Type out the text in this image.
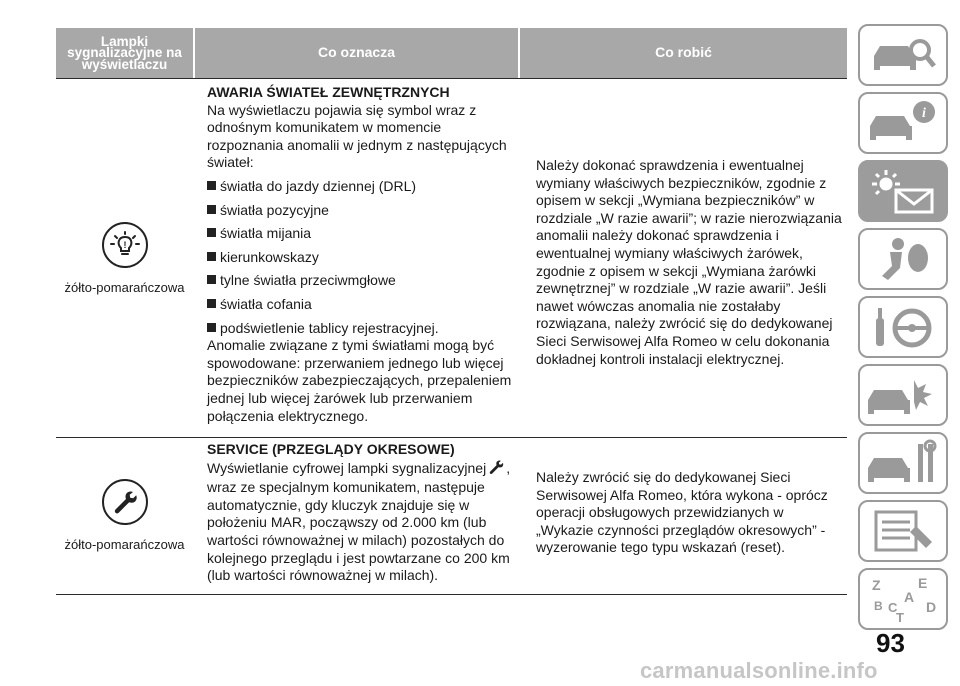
Lampki sygnalizacyjne na wyświetlaczu
Co oznacza	Co robić
!
żółto-pomarańczowa
AWARIA ŚWIATEŁ ZEWNĘTRZNYCH
Na wyświetlaczu pojawia się symbol wraz z odnośnym komunikatem w momencie rozpoznania anomalii w jednym z następujących świateł:
światła do jazdy dziennej (DRL)
światła pozycyjne
światła mijania
kierunkowskazy
tylne światła przeciwmgłowe
światła cofania
podświetlenie tablicy rejestracyjnej.
Anomalie związane z tymi światłami mogą być spowodowane: przerwaniem jednego lub więcej bezpieczników zabezpieczających, przepaleniem jednej lub więcej żarówek lub przerwaniem połączenia elektrycznego.
Należy dokonać sprawdzenia i ewentualnej wymiany właściwych bezpieczników, zgodnie z opisem w sekcji „Wymiana bezpieczników” w rozdziale „W razie awarii”; w razie nierozwiązania anomalii należy dokonać sprawdzenia i ewentualnej wymiany właściwych żarówek, zgodnie z opisem w sekcji „Wymiana żarówki zewnętrznej” w rozdziale „W razie awarii”. Jeśli nawet wówczas anomalia nie zostałaby rozwiązana, należy zwrócić się do dedykowanej Sieci Serwisowej Alfa Romeo w celu dokonania dokładnej kontroli instalacji elektrycznej.
żółto-pomarańczowa
SERVICE (PRZEGLĄDY OKRESOWE)
Wyświetlanie cyfrowej lampki sygnalizacyjnej , wraz ze specjalnym komunikatem, następuje automatycznie, gdy kluczyk znajduje się w położeniu MAR, począwszy od 2.000 km (lub wartości równoważnej w milach) pozostałych do kolejnego przeglądu i jest powtarzane co 200 km (lub wartości równoważnej w milach).
Należy zwrócić się do dedykowanej Sieci Serwisowej Alfa Romeo, która wykona - oprócz operacji obsługowych przewidzianych w „Wykazie czynności przeglądów okresowych” - wyzerowanie tego typu wskazań (reset).
i
Z	E
A
B C
T
D
93
carmanualsonline.info
